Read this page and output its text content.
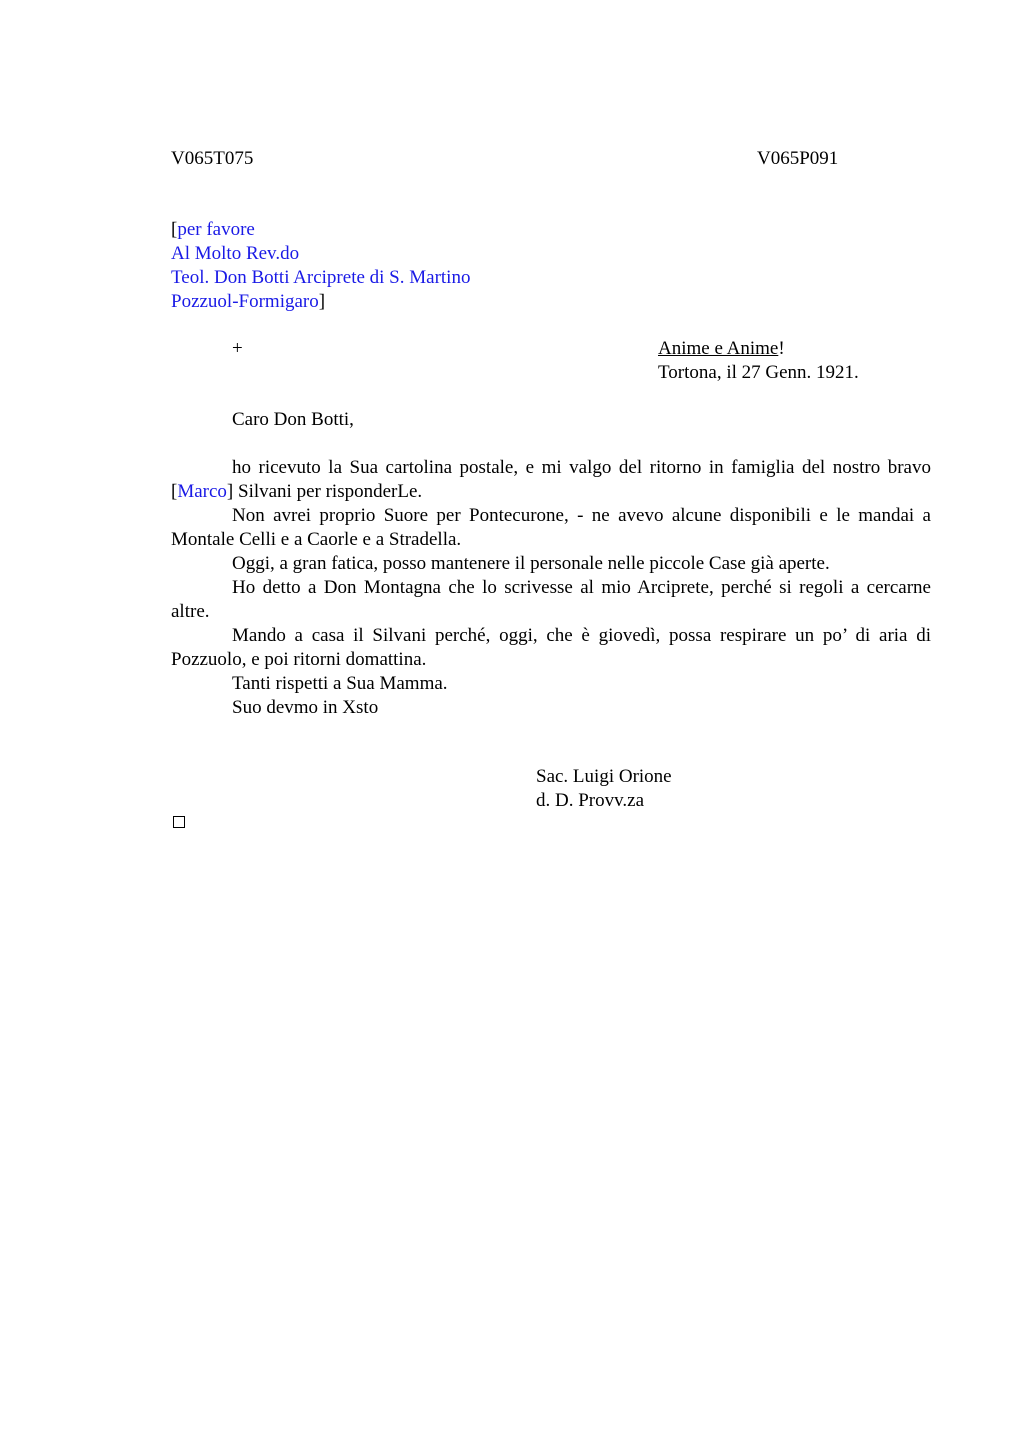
V065T075	V065P091
[per favore
Al Molto Rev.do
Teol. Don Botti Arciprete di S. Martino
Pozzuol-Formigaro]
+	Anime e Anime!
Tortona, il 27 Genn. 1921.
Caro Don Botti,

ho ricevuto la Sua cartolina postale, e mi valgo del ritorno in famiglia del nostro bravo [Marco] Silvani per risponderLe.

Non avrei proprio Suore per Pontecurone, - ne avevo alcune disponibili e le mandai a Montale Celli e a Caorle e a Stradella.

Oggi, a gran fatica, posso mantenere il personale nelle piccole Case già aperte.

Ho detto a Don Montagna che lo scrivesse al mio Arciprete, perché si regoli a cercarne altre.

Mando a casa il Silvani perché, oggi, che è giovedì, possa respirare un po’ di aria di Pozzuolo, e poi ritorni domattina.

Tanti rispetti a Sua Mamma.

Suo devmo in Xsto

Sac. Luigi Orione
d. D. Provv.za
